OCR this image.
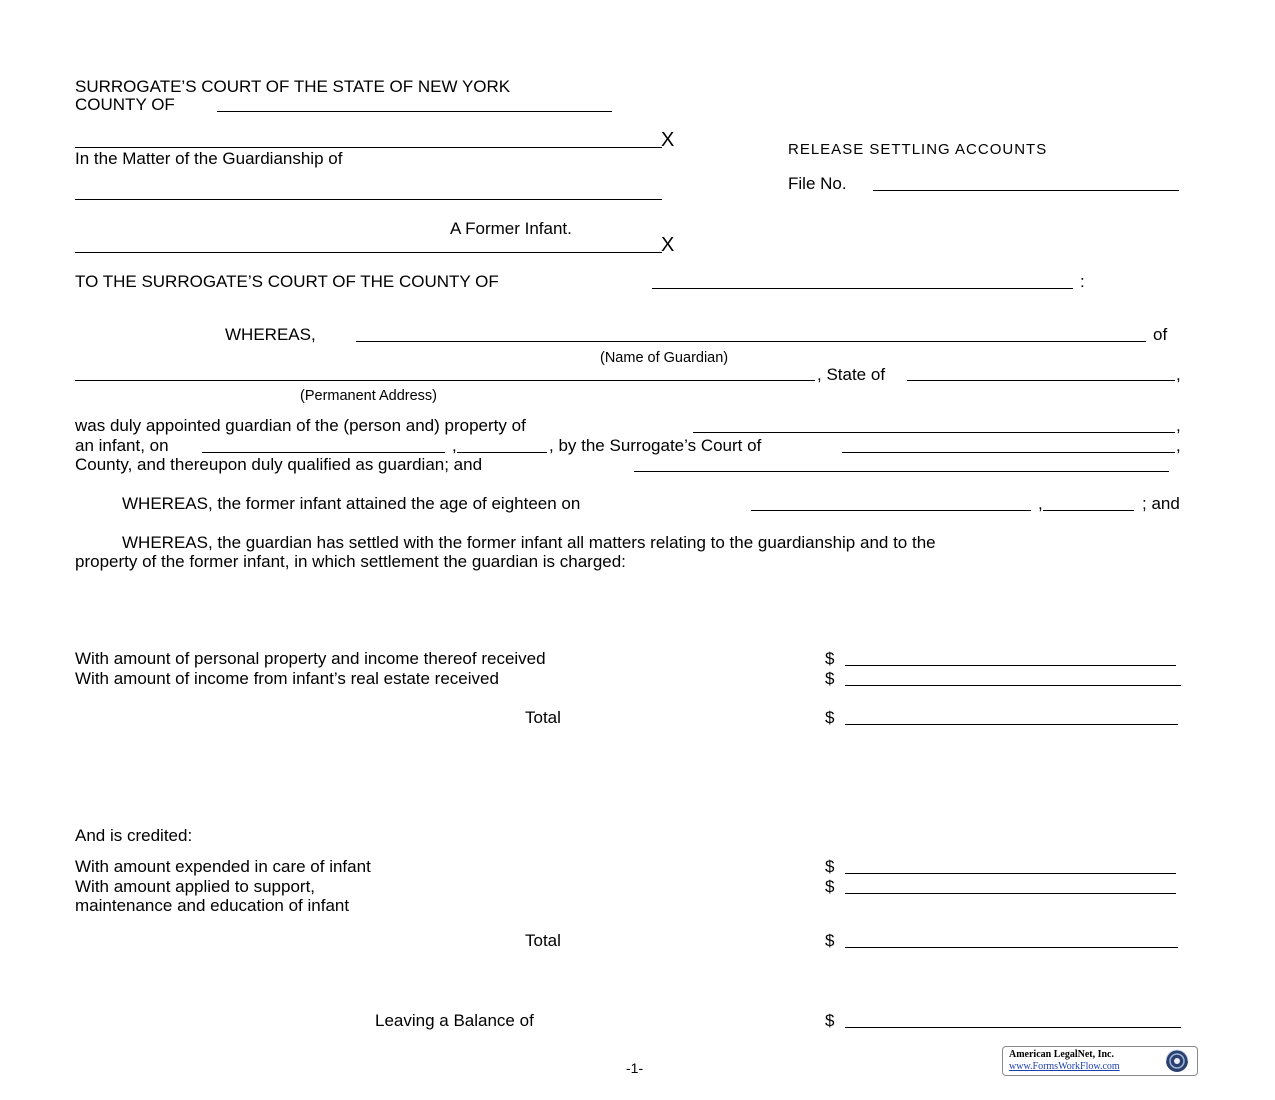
SURROGATE’S COURT OF THE STATE OF NEW YORK
COUNTY OF
X
In the Matter of the Guardianship of
A Former Infant.
X
RELEASE SETTLING ACCOUNTS
File No.
TO THE SURROGATE’S COURT OF THE COUNTY OF	:
WHEREAS,	of
(Name of Guardian)
, State of	,
(Permanent Address)
was duly appointed guardian of the (person and) property of	,
an infant, on	,	, by the Surrogate’s Court of	,
County, and thereupon duly qualified as guardian; and
WHEREAS, the former infant attained the age of eighteen on	,	; and
WHEREAS, the guardian has settled with the former infant all matters relating to the guardianship and to the
property of the former infant, in which settlement the guardian is charged:
With amount of personal property and income thereof received	$
With amount of income from infant’s real estate received	$
Total	$
And is credited:
With amount expended in care of infant	$
With amount applied to support,	$
maintenance and education of infant
Total	$
Leaving a Balance of	$
-1-
American LegalNet, Inc.
www.FormsWorkFlow.com
